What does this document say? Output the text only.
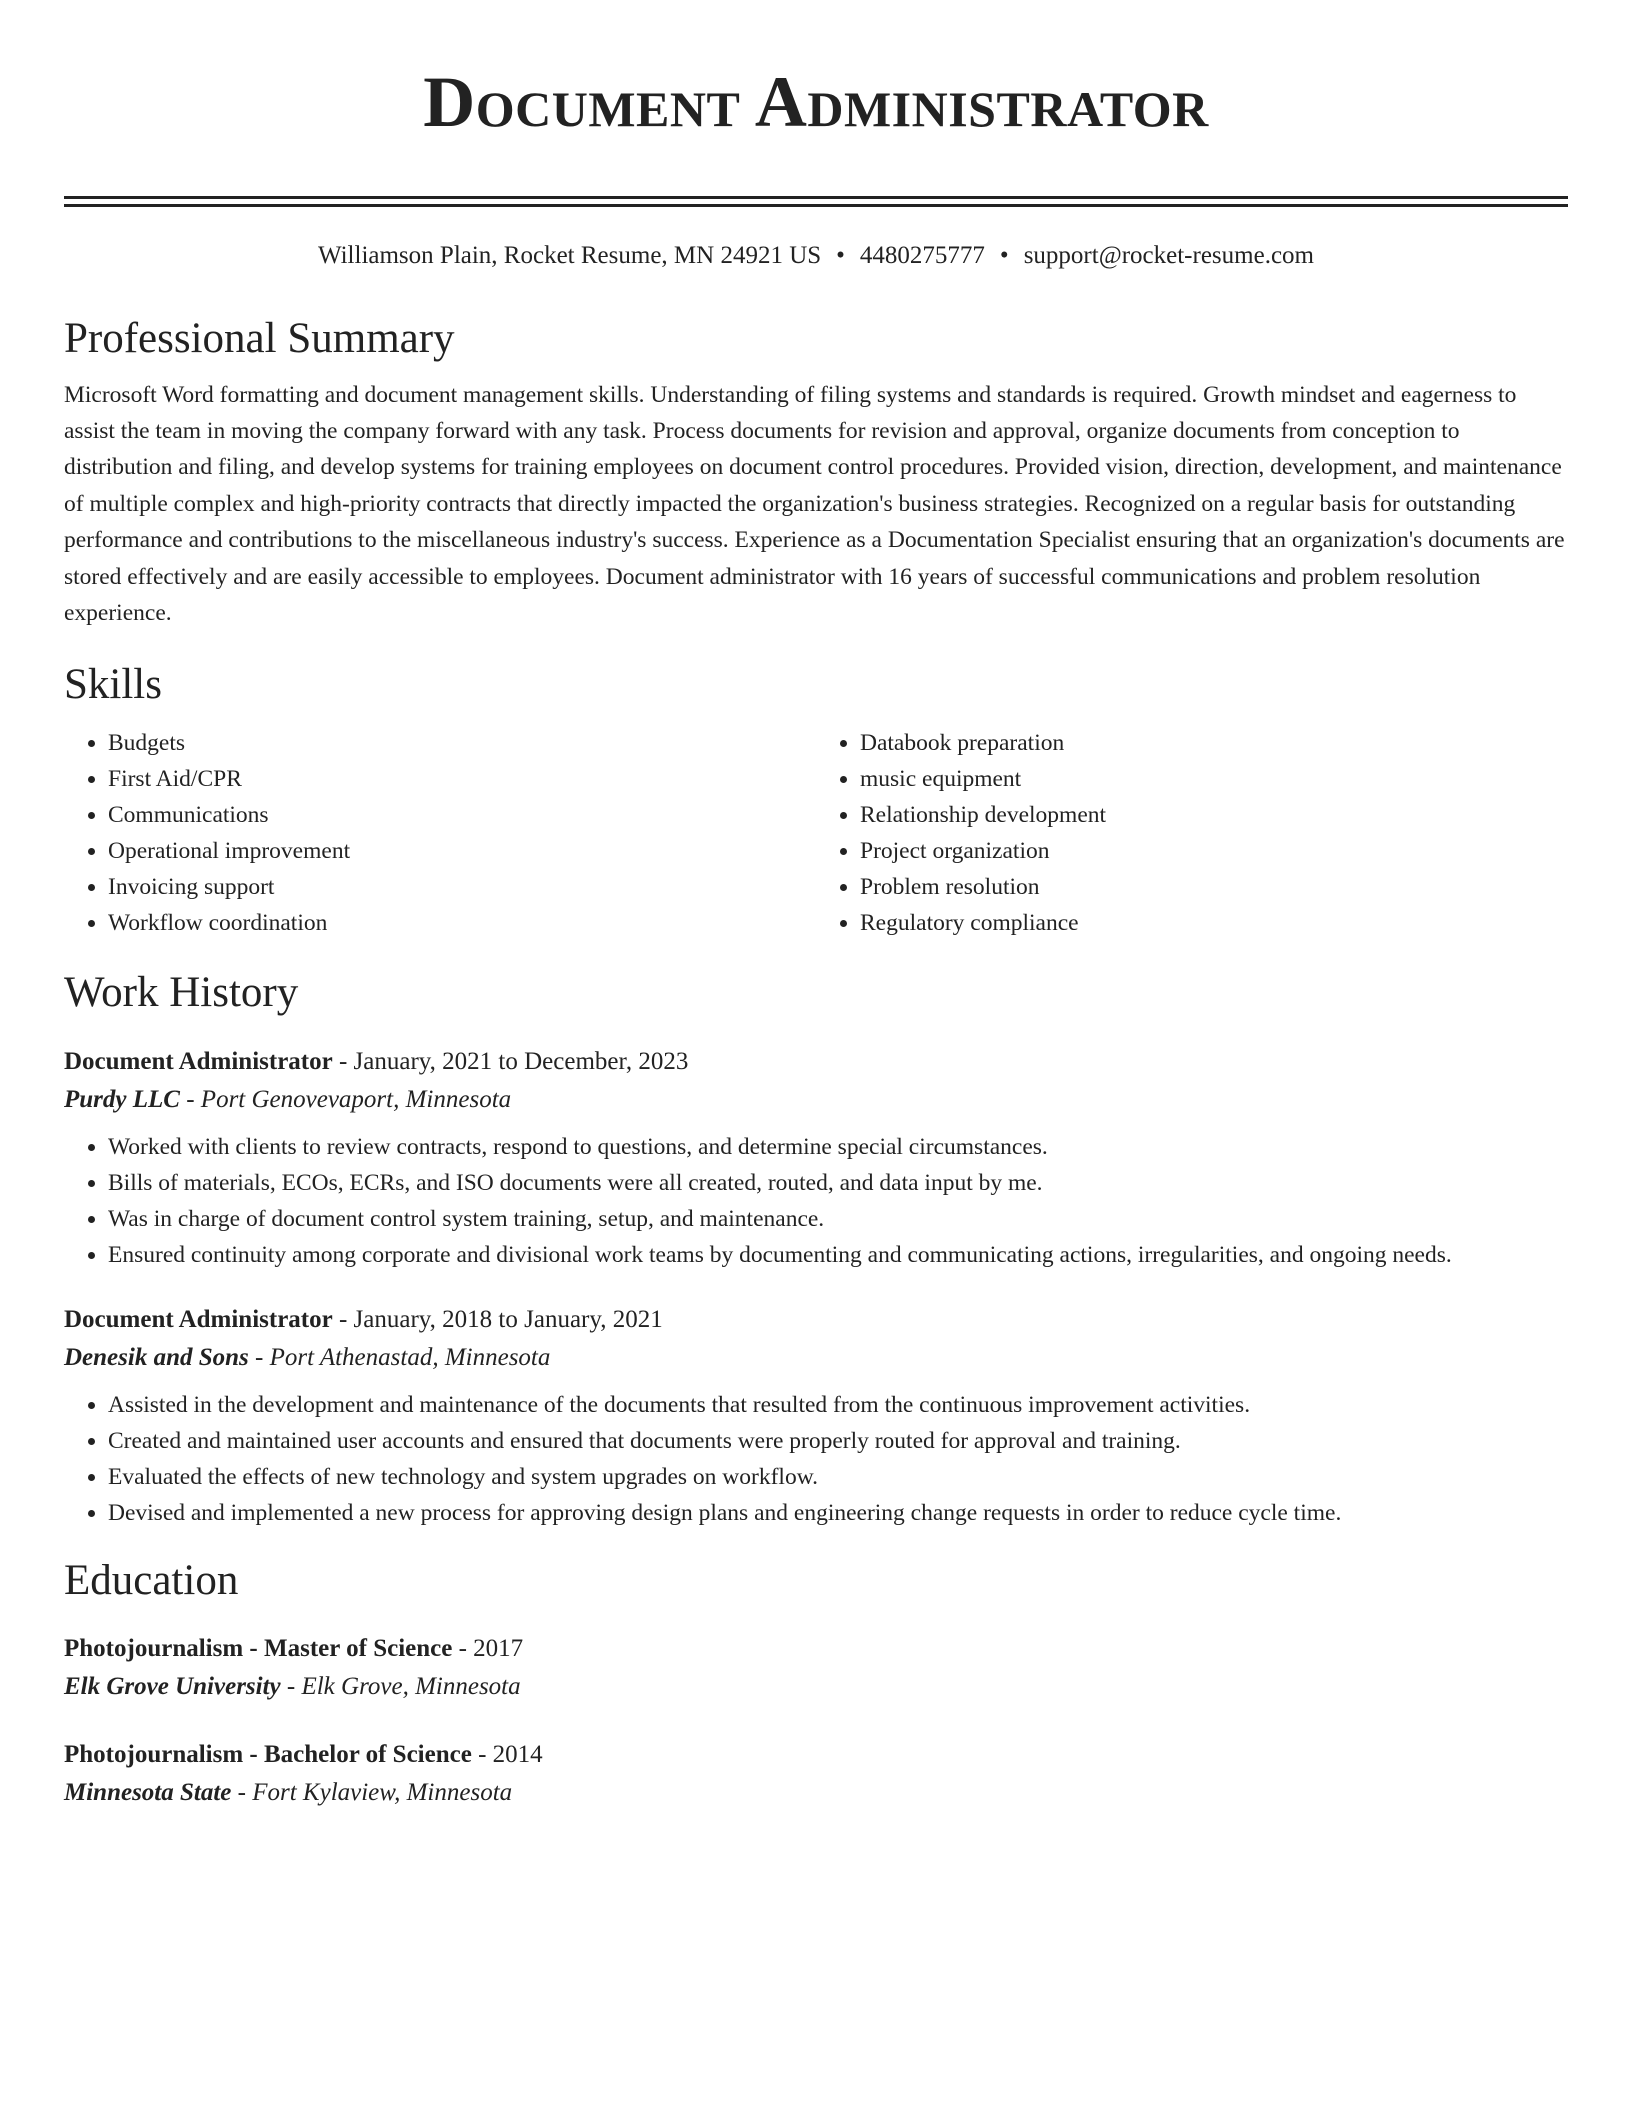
Document Administrator
Williamson Plain, Rocket Resume, MN 24921 US • 4480275777 • support@rocket-resume.com
Professional Summary

Microsoft Word formatting and document management skills. Understanding of filing systems and standards is required. Growth mindset and eagerness to assist the team in moving the company forward with any task. Process documents for revision and approval, organize documents from conception to distribution and filing, and develop systems for training employees on document control procedures. Provided vision, direction, development, and maintenance of multiple complex and high-priority contracts that directly impacted the organization's business strategies. Recognized on a regular basis for outstanding performance and contributions to the miscellaneous industry's success. Experience as a Documentation Specialist ensuring that an organization's documents are stored effectively and are easily accessible to employees. Document administrator with 16 years of successful communications and problem resolution experience.

Skills
• Budgets
• First Aid/CPR
• Communications
• Operational improvement
• Invoicing support
• Workflow coordination
• Databook preparation
• music equipment
• Relationship development
• Project organization
• Problem resolution
• Regulatory compliance
Work History
Document Administrator - January, 2021 to December, 2023
Purdy LLC - Port Genovevaport, Minnesota
• Worked with clients to review contracts, respond to questions, and determine special circumstances.
• Bills of materials, ECOs, ECRs, and ISO documents were all created, routed, and data input by me.
• Was in charge of document control system training, setup, and maintenance.
• Ensured continuity among corporate and divisional work teams by documenting and communicating actions, irregularities, and ongoing needs.
Document Administrator - January, 2018 to January, 2021
Denesik and Sons - Port Athenastad, Minnesota
• Assisted in the development and maintenance of the documents that resulted from the continuous improvement activities.
• Created and maintained user accounts and ensured that documents were properly routed for approval and training.
• Evaluated the effects of new technology and system upgrades on workflow.
• Devised and implemented a new process for approving design plans and engineering change requests in order to reduce cycle time.
Education
Photojournalism - Master of Science - 2017
Elk Grove University - Elk Grove, Minnesota
Photojournalism - Bachelor of Science - 2014
Minnesota State - Fort Kylaview, Minnesota
